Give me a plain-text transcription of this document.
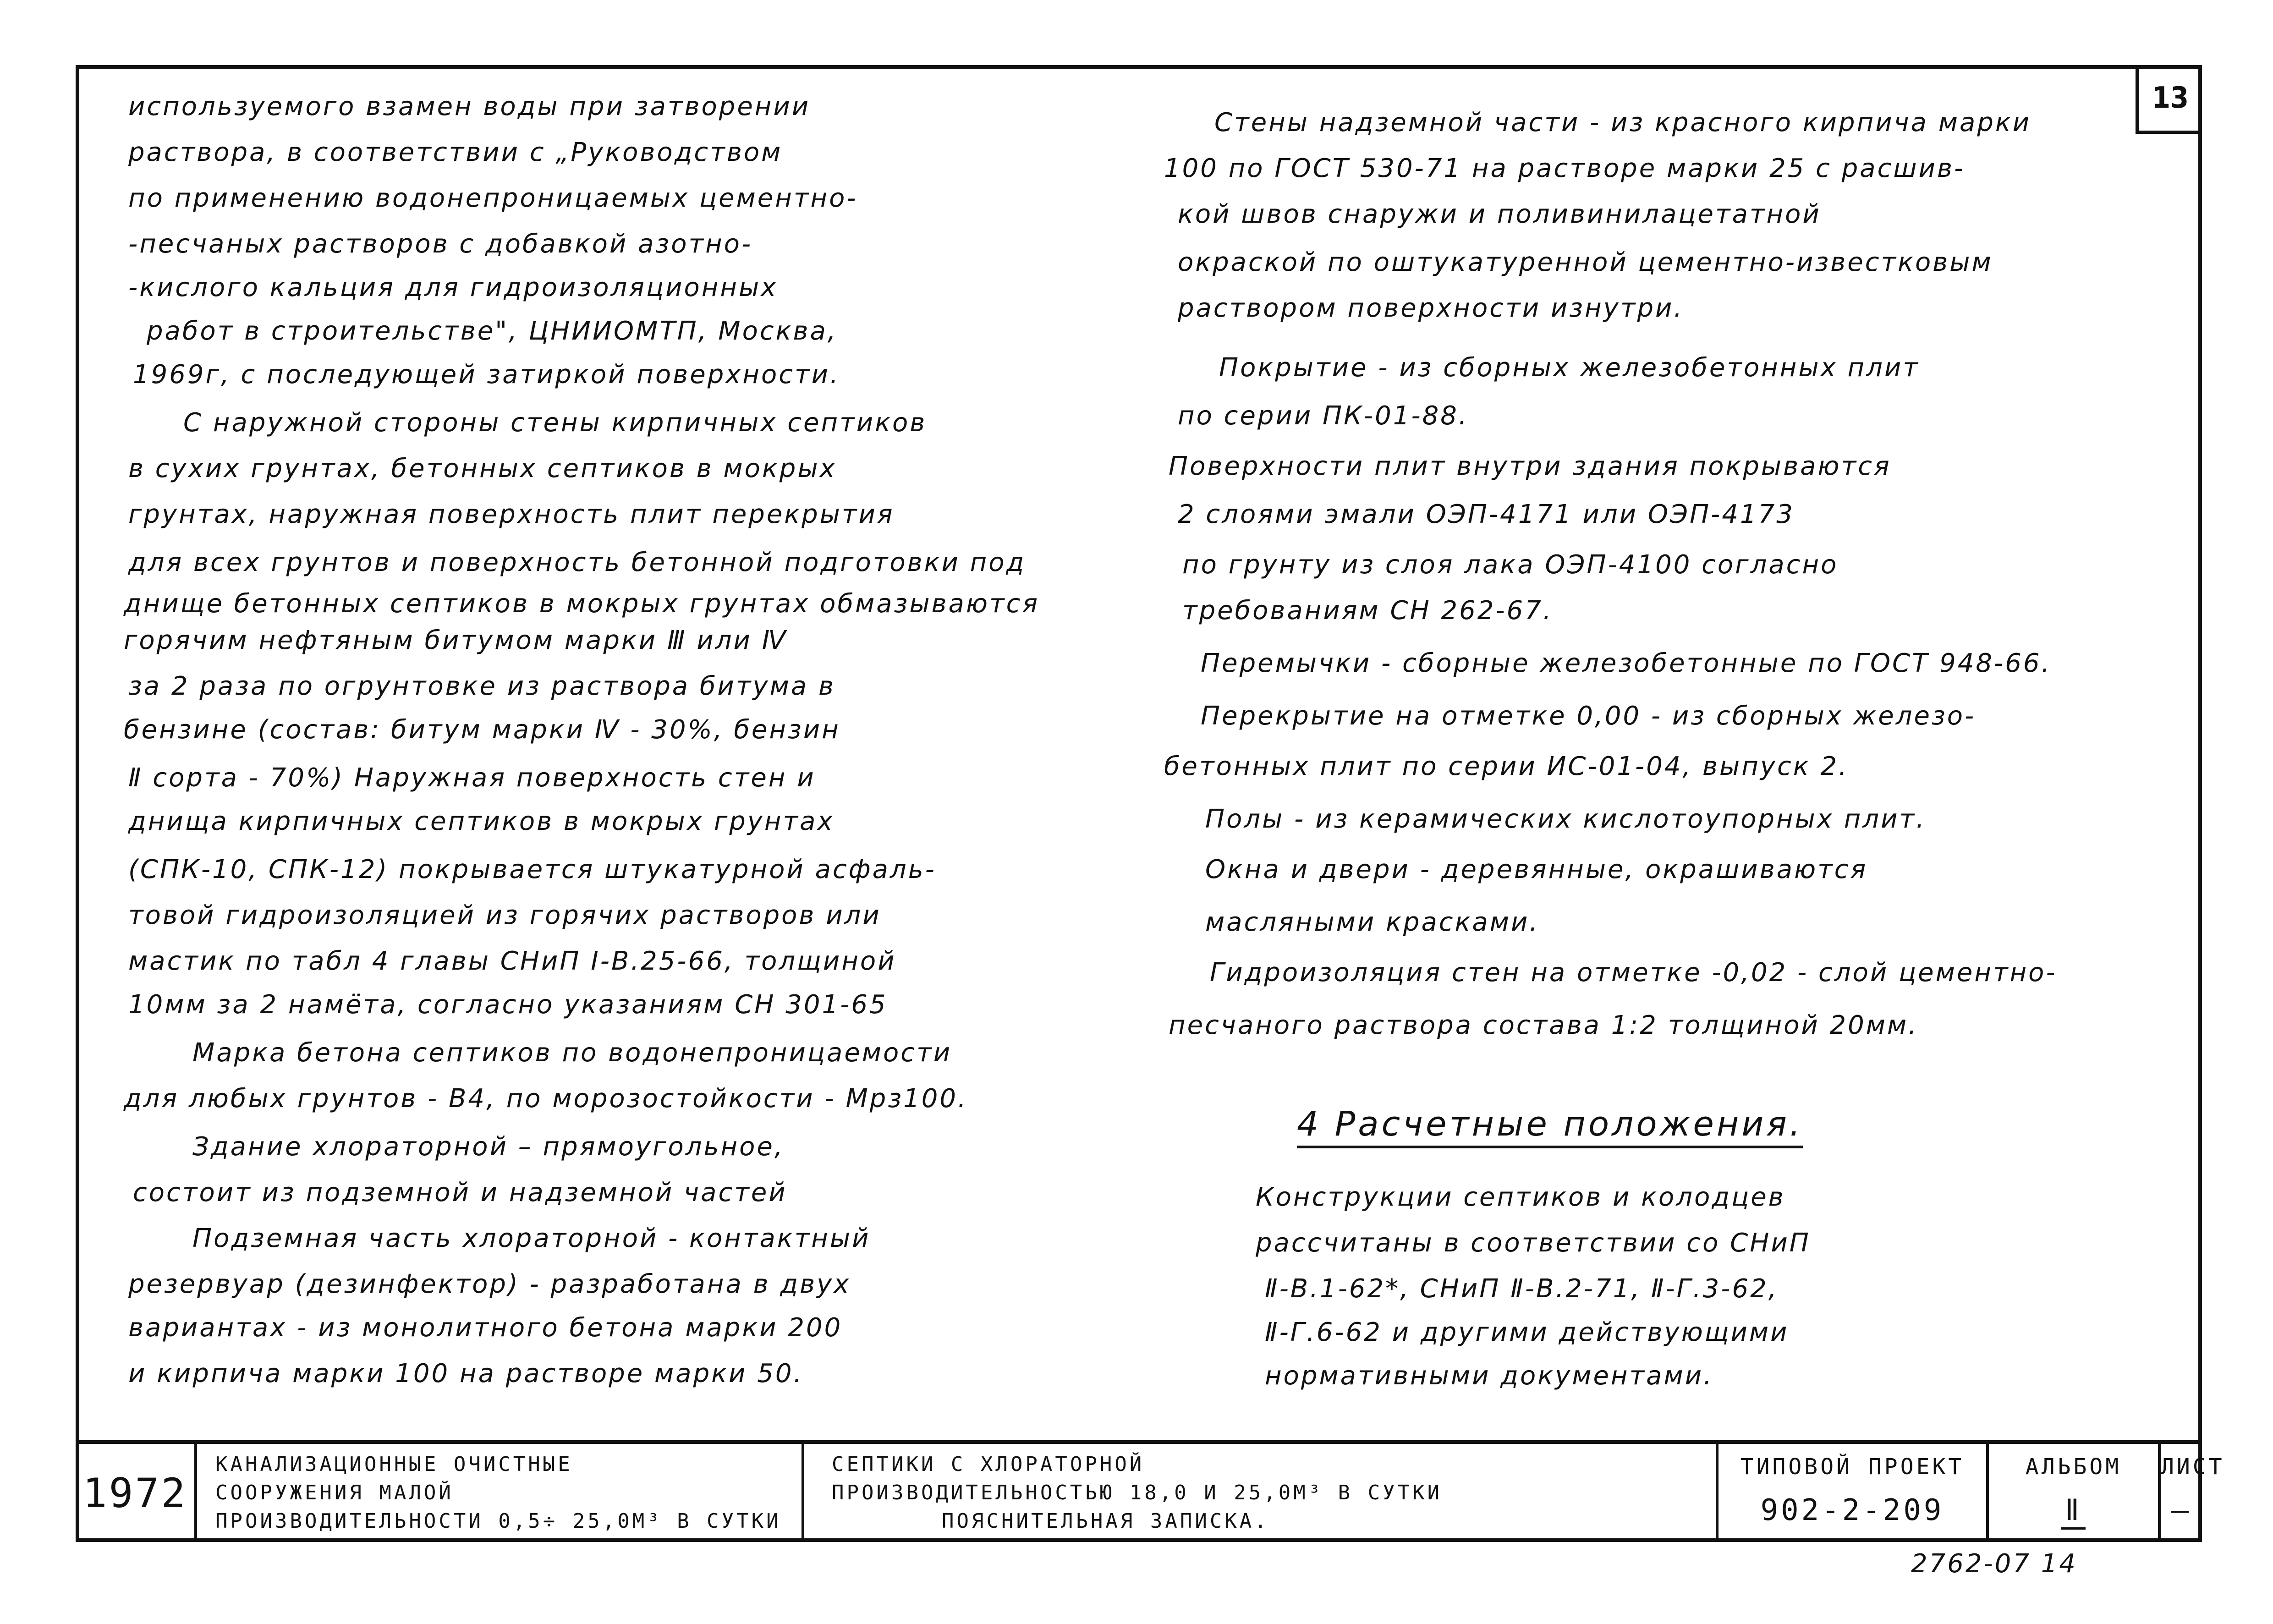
13
используемого взамен воды при затворении
раствора, в соответствии с „Руководством
по применению водонепроницаемых цементно-
-песчаных растворов с добавкой азотно-
-кислого кальция для гидроизоляционных
работ в строительстве", ЦНИИОМТП, Москва,
1969г, с последующей затиркой поверхности.
С наружной стороны стены кирпичных септиков
в сухих грунтах, бетонных септиков в мокрых
грунтах, наружная поверхность плит перекрытия
для всех грунтов и поверхность бетонной подготовки под
днище бетонных септиков в мокрых грунтах обмазываются
горячим нефтяным битумом марки Ⅲ или Ⅳ
за 2 раза по огрунтовке из раствора битума в
бензине (состав: битум марки Ⅳ - 30%, бензин
Ⅱ сорта - 70%) Наружная поверхность стен и
днища кирпичных септиков в мокрых грунтах
(СПК-10, СПК-12) покрывается штукатурной асфаль-
товой гидроизоляцией из горячих растворов или
мастик по табл 4 главы СНиП I-В.25-66, толщиной
10мм за 2 намёта, согласно указаниям СН 301-65
Марка бетона септиков по водонепроницаемости
для любых грунтов - В4, по морозостойкости - Мрз100.
Здание хлораторной – прямоугольное,
состоит из подземной и надземной частей
Подземная часть хлораторной - контактный
резервуар (дезинфектор) - разработана в двух
вариантах - из монолитного бетона марки 200
и кирпича марки 100 на растворе марки 50.
Стены надземной части - из красного кирпича марки
100 по ГОСТ 530-71 на растворе марки 25 с расшив-
кой швов снаружи и поливинилацетатной
окраской по оштукатуренной цементно-известковым
раствором поверхности изнутри.
Покрытие - из сборных железобетонных плит
по серии ПК-01-88.
Поверхности плит внутри здания покрываются
2 слоями эмали ОЭП-4171 или ОЭП-4173
по грунту из слоя лака ОЭП-4100 согласно
требованиям СН 262-67.
Перемычки - сборные железобетонные по ГОСТ 948-66.
Перекрытие на отметке 0,00 - из сборных железо-
бетонных плит по серии ИС-01-04, выпуск 2.
Полы - из керамических кислотоупорных плит.
Окна и двери - деревянные, окрашиваются
масляными красками.
Гидроизоляция стен на отметке -0,02 - слой цементно-
песчаного раствора состава 1:2 толщиной 20мм.
4 Расчетные положения.
Конструкции септиков и колодцев
рассчитаны в соответствии со СНиП
Ⅱ-В.1-62*, СНиП Ⅱ-В.2-71, Ⅱ-Г.3-62,
Ⅱ-Г.6-62 и другими действующими
нормативными документами.
1972
КАНАЛИЗАЦИОННЫЕ ОЧИСТНЫЕ
СООРУЖЕНИЯ МАЛОЙ
ПРОИЗВОДИТЕЛЬНОСТИ 0,5÷ 25,0М³ В СУТКИ
СЕПТИКИ С ХЛОРАТОРНОЙ
ПРОИЗВОДИТЕЛЬНОСТЬЮ 18,0 И 25,0М³ В СУТКИ
ПОЯСНИТЕЛЬНАЯ ЗАПИСКА.
ТИПОВОЙ ПРОЕКТ
902-2-209
АЛЬБОМ
Ⅱ
ЛИСТ
—
2762-07 14
